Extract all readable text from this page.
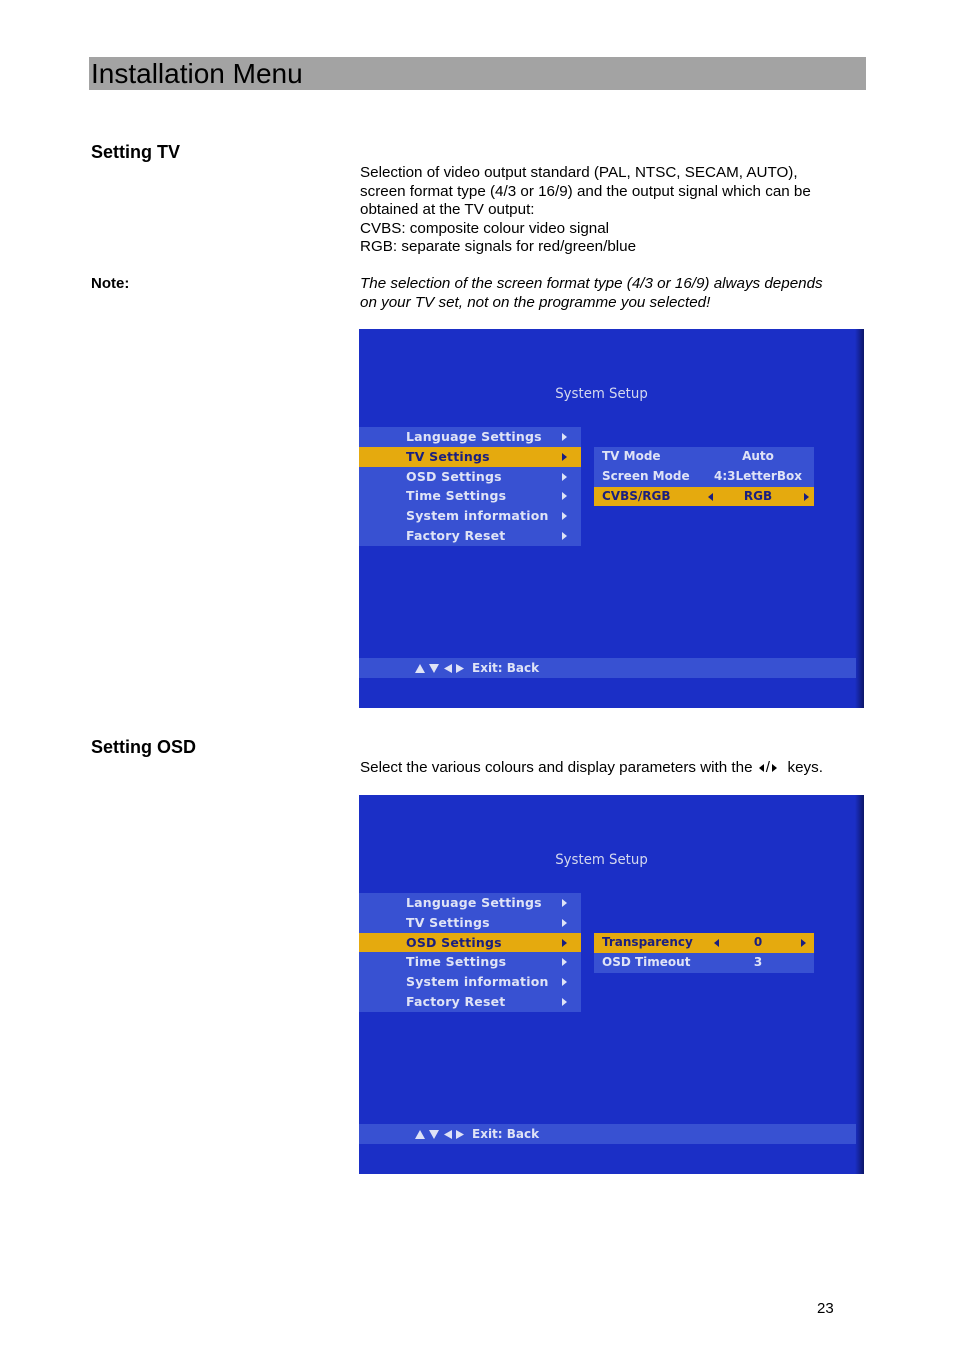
Installation Menu
Setting TV
Selection of video output standard (PAL, NTSC, SECAM, AUTO),
screen format type (4/3 or 16/9) and the output signal which can be
obtained at the TV output:
CVBS: composite colour video signal
RGB: separate signals for red/green/blue
Note:	The selection of the screen format type (4/3 or 16/9) always depends
on your TV set, not on the programme you selected!
System Setup
Language Settings
TV Settings
OSD Settings
Time Settings
System information
Factory Reset
TV Mode	Auto
Screen Mode	4:3LetterBox
CVBS/RGB	RGB
Exit: Back
Setting OSD
Select the various colours and display parameters with the / keys.
System Setup
Language Settings
TV Settings
OSD Settings
Time Settings
System information
Factory Reset
Transparency	0
OSD Timeout	3
Exit: Back
23
